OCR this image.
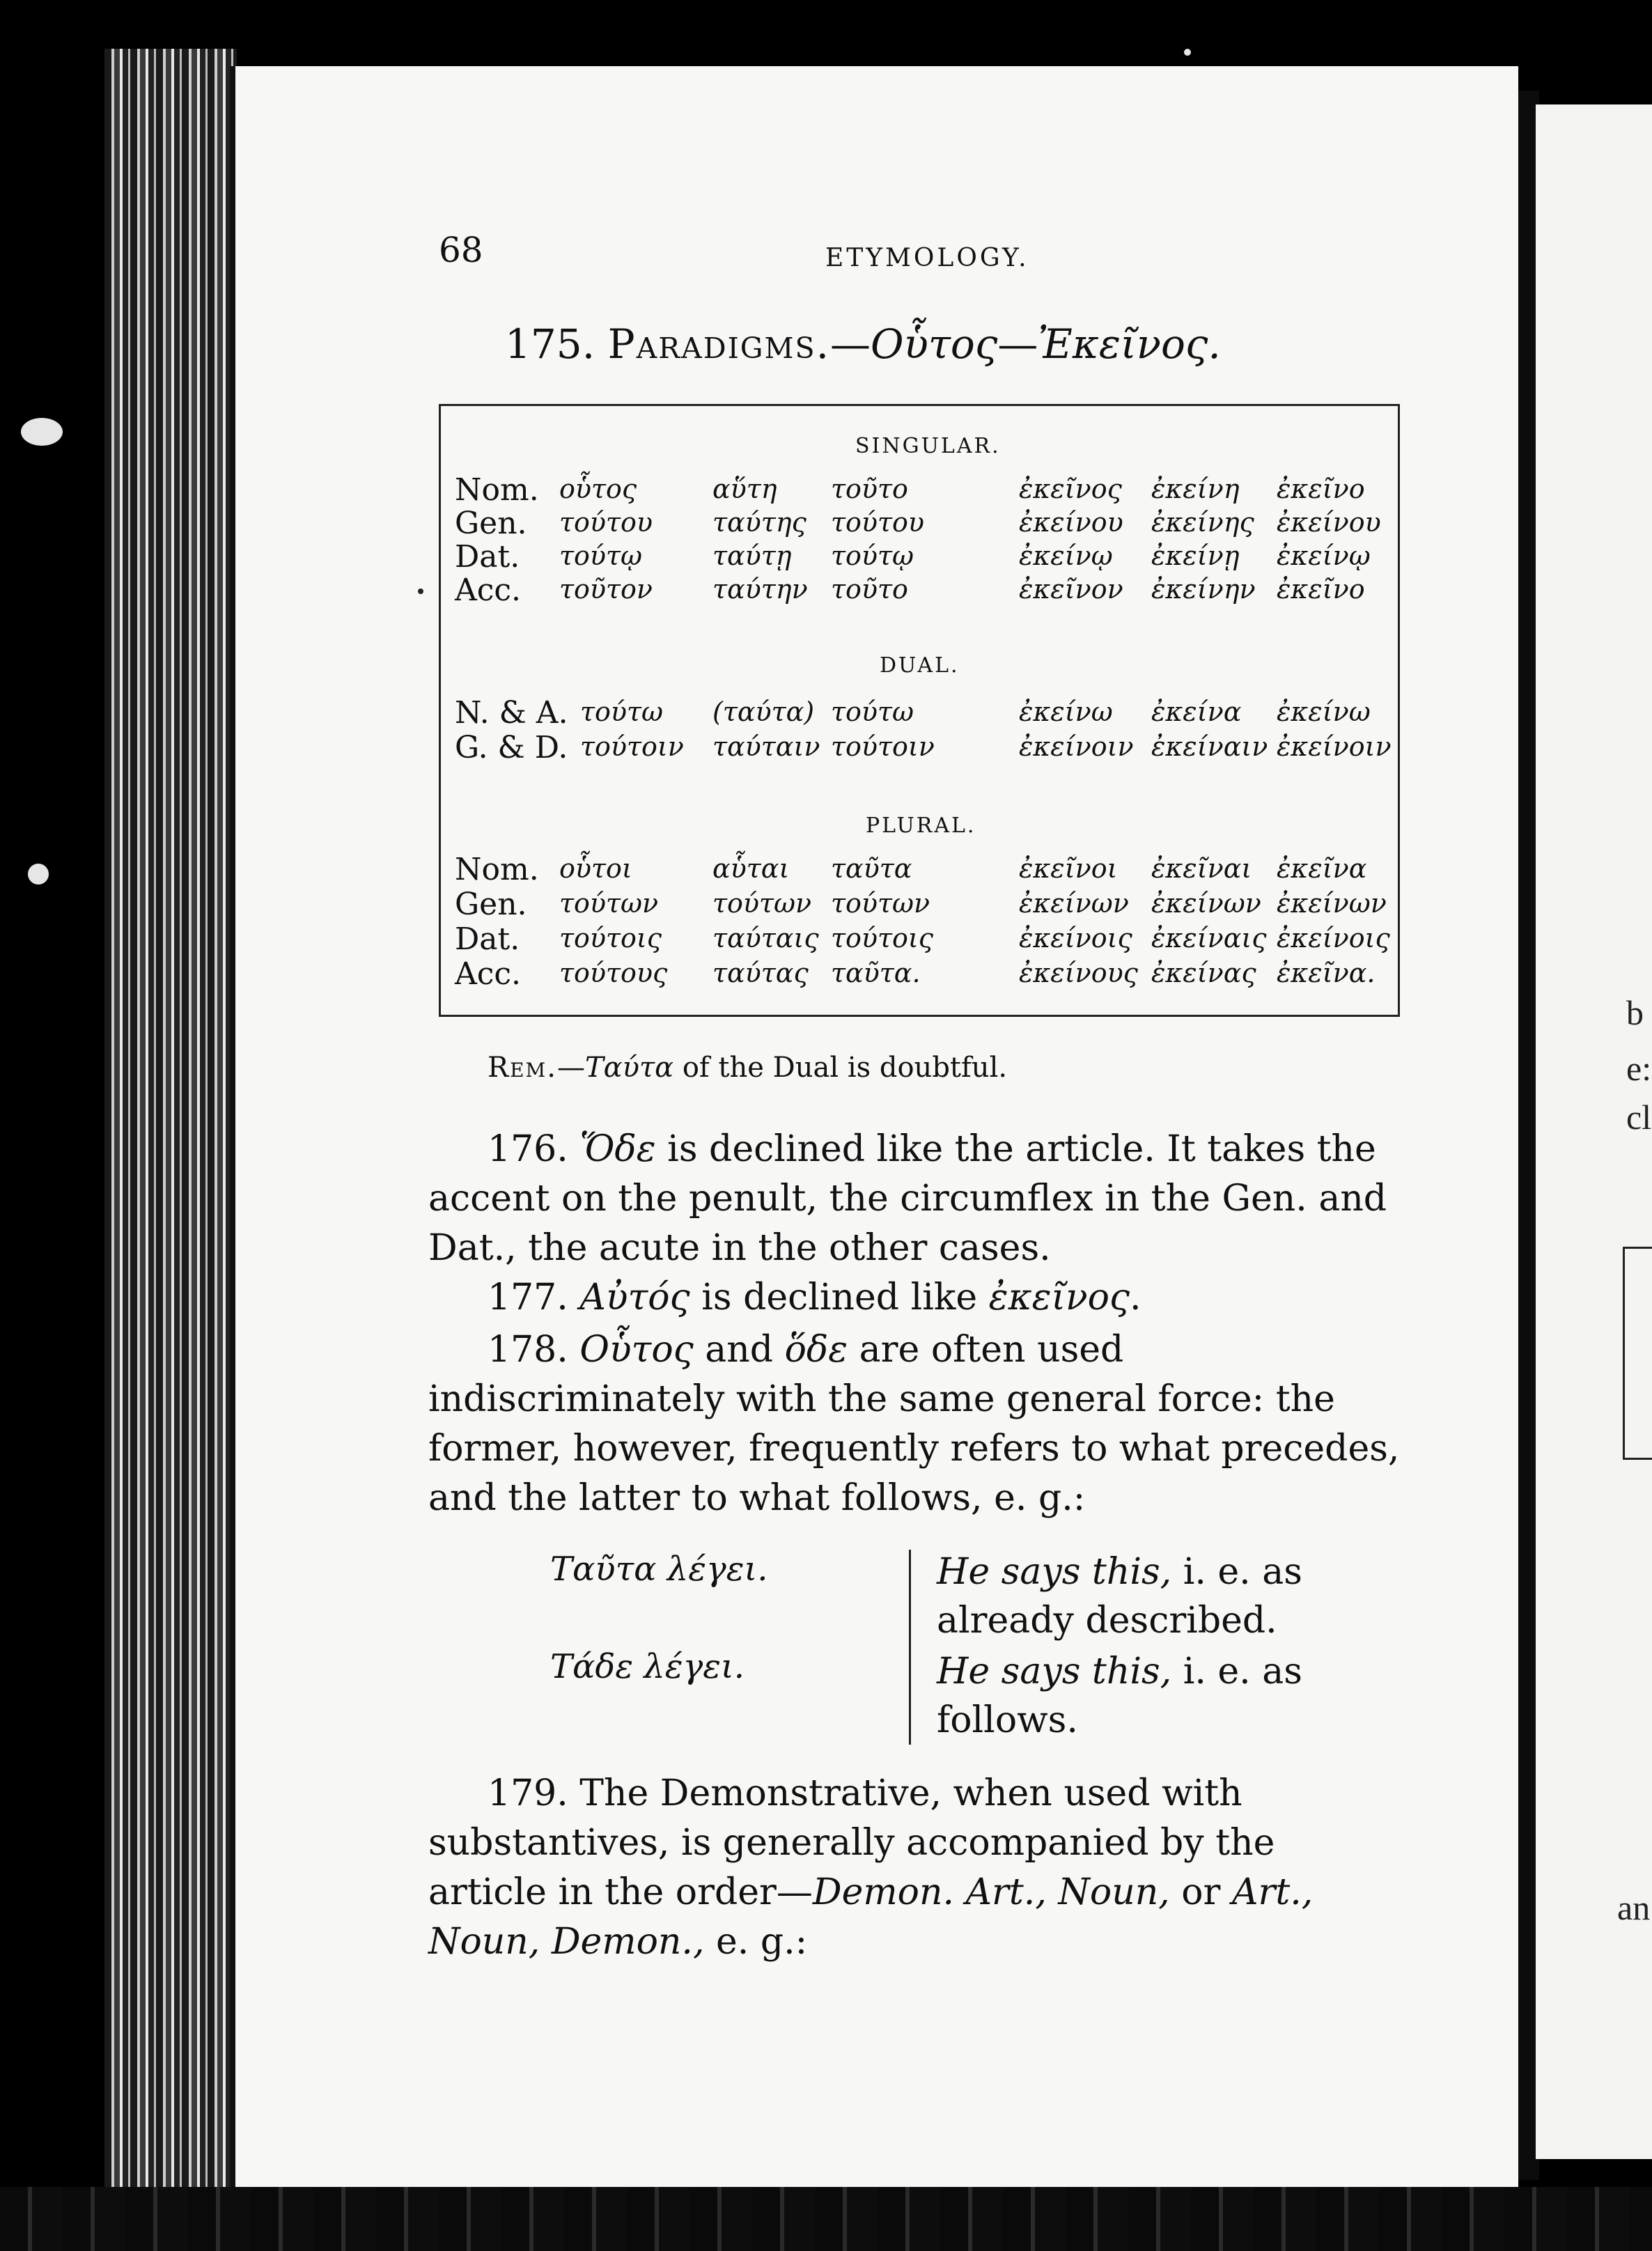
b
e:
cl
an
68	ETYMOLOGY.
175. Paradigms.—Οὗτος—Ἐκεῖνος.
SINGULAR.
DUAL.
PLURAL.
Nom. οὗτος	αὕτη τοῦτο	ἐκεῖνος ἐκείνη ἐκεῖνο
Gen. τούτου ταύτης τούτου	ἐκείνου ἐκείνης ἐκείνου
Dat. τούτῳ	ταύτῃ τούτῳ	ἐκείνῳ ἐκείνῃ ἐκείνῳ
Acc. τοῦτον ταύτην τοῦτο	ἐκεῖνον ἐκείνην ἐκεῖνο
N. & A. τούτω (ταύτα) τούτω	ἐκείνω ἐκείνα ἐκείνω
G. & D. τούτοιν ταύταιν τούτοιν	ἐκείνοιν ἐκείναιν ἐκείνοιν
Nom. οὗτοι	αὗται ταῦτα	ἐκεῖνοι ἐκεῖναι ἐκεῖνα
Gen. τούτων τούτων τούτων	ἐκείνων ἐκείνων ἐκείνων
Dat. τούτοις ταύταις τούτοις	ἐκείνοις ἐκείναις ἐκείνοις
Acc. τούτους ταύτας ταῦτα.	ἐκείνους ἐκείνας ἐκεῖνα.
Rem.—Ταύτα of the Dual is doubtful.

176. Ὅδε is declined like the article. It takes the accent on the penult, the circumflex in the Gen. and Dat., the acute in the other cases.

177. Αὐτός is declined like ἐκεῖνος.

178. Οὗτος and ὅδε are often used indiscriminately with the same general force: the former, however, frequently refers to what precedes, and the latter to what follows, e. g.:

Ταῦτα λέγει.
Τάδε λέγει.
He says this, i. e. as already described.
He says this, i. e. as follows.

179. The Demonstrative, when used with substantives, is generally accompanied by the article in the order—Demon. Art., Noun, or Art., Noun, Demon., e. g.:
